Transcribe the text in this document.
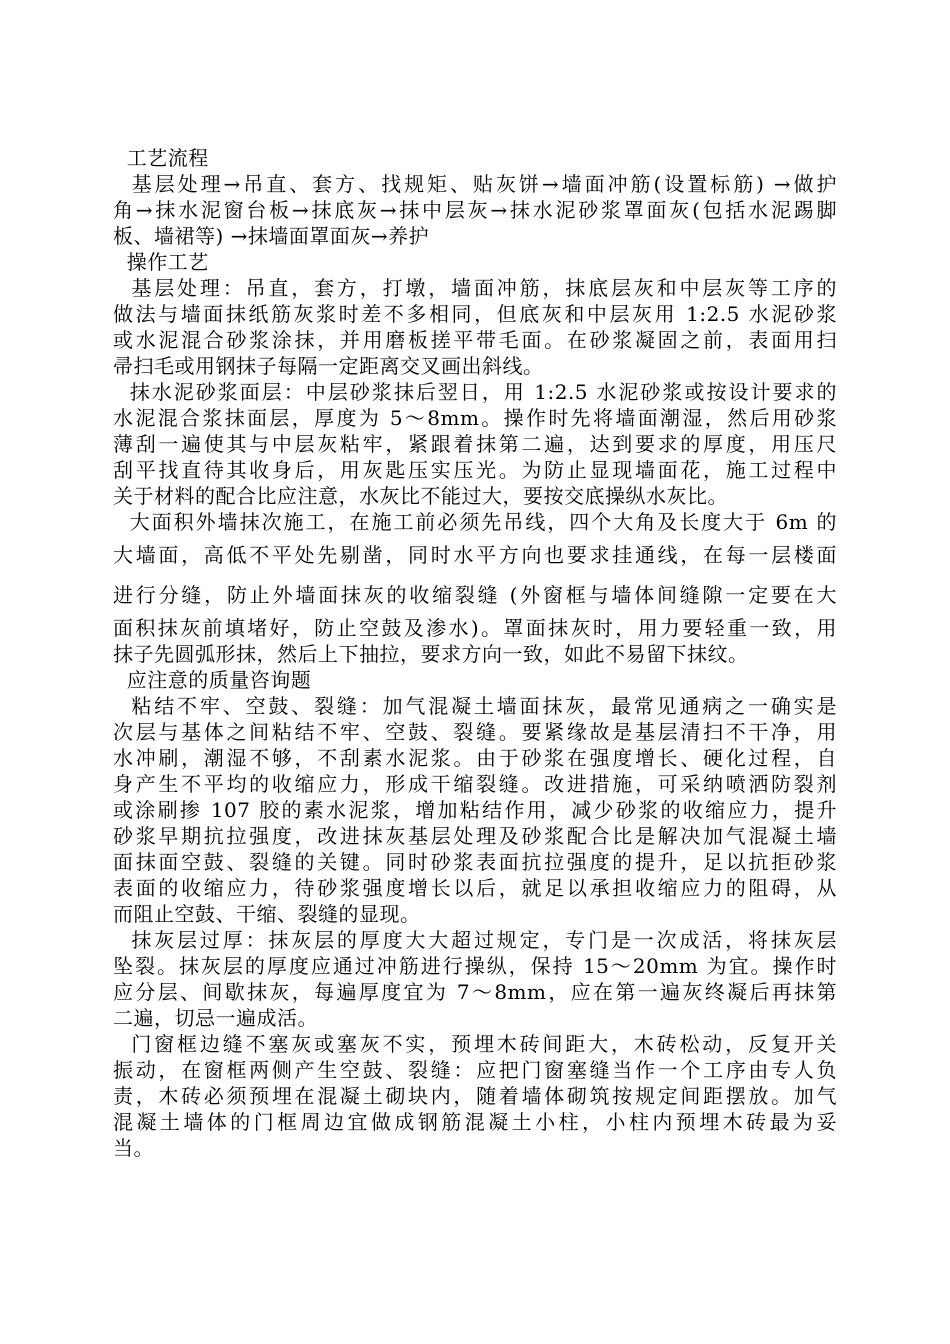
工艺流程
基层处理→吊直、套方、找规矩、贴灰饼→墙面冲筋(设置标筋) →做护
角→抹水泥窗台板→抹底灰→抹中层灰→抹水泥砂浆罩面灰(包括水泥踢脚
板、墙裙等) →抹墙面罩面灰→养护
操作工艺
基层处理：吊直，套方，打墩，墙面冲筋，抹底层灰和中层灰等工序的
做法与墙面抹纸筋灰浆时差不多相同，但底灰和中层灰用 1:2.5 水泥砂浆
或水泥混合砂浆涂抹，并用磨板搓平带毛面。在砂浆凝固之前，表面用扫
帚扫毛或用钢抹子每隔一定距离交叉画出斜线。
抹水泥砂浆面层：中层砂浆抹后翌日，用 1:2.5 水泥砂浆或按设计要求的
水泥混合浆抹面层，厚度为 5～8mm。操作时先将墙面潮湿，然后用砂浆
薄刮一遍使其与中层灰粘牢，紧跟着抹第二遍，达到要求的厚度，用压尺
刮平找直待其收身后，用灰匙压实压光。为防止显现墙面花，施工过程中
关于材料的配合比应注意，水灰比不能过大，要按交底操纵水灰比。
大面积外墙抹次施工，在施工前必须先吊线，四个大角及长度大于 6m 的
大墙面，高低不平处先剔凿，同时水平方向也要求挂通线，在每一层楼面
进行分缝，防止外墙面抹灰的收缩裂缝 (外窗框与墙体间缝隙一定要在大
面积抹灰前填堵好，防止空鼓及渗水)。罩面抹灰时，用力要轻重一致，用
抹子先圆弧形抹，然后上下抽拉，要求方向一致，如此不易留下抹纹。
应注意的质量咨询题
粘结不牢、空鼓、裂缝：加气混凝土墙面抹灰，最常见通病之一确实是
次层与基体之间粘结不牢、空鼓、裂缝。要紧缘故是基层清扫不干净，用
水冲刷，潮湿不够，不刮素水泥浆。由于砂浆在强度增长、硬化过程，自
身产生不平均的收缩应力，形成干缩裂缝。改进措施，可采纳喷洒防裂剂
或涂刷掺 107 胶的素水泥浆，增加粘结作用，减少砂浆的收缩应力，提升
砂浆早期抗拉强度，改进抹灰基层处理及砂浆配合比是解决加气混凝土墙
面抹面空鼓、裂缝的关键。同时砂浆表面抗拉强度的提升，足以抗拒砂浆
表面的收缩应力，待砂浆强度增长以后，就足以承担收缩应力的阻碍，从
而阻止空鼓、干缩、裂缝的显现。
抹灰层过厚：抹灰层的厚度大大超过规定，专门是一次成活，将抹灰层
坠裂。抹灰层的厚度应通过冲筋进行操纵，保持 15～20mm 为宜。操作时
应分层、间歇抹灰，每遍厚度宜为 7～8mm，应在第一遍灰终凝后再抹第
二遍，切忌一遍成活。
门窗框边缝不塞灰或塞灰不实，预埋木砖间距大，木砖松动，反复开关
振动，在窗框两侧产生空鼓、裂缝：应把门窗塞缝当作一个工序由专人负
责，木砖必须预埋在混凝土砌块内，随着墙体砌筑按规定间距摆放。加气
混凝土墙体的门框周边宜做成钢筋混凝土小柱，小柱内预埋木砖最为妥
当。
